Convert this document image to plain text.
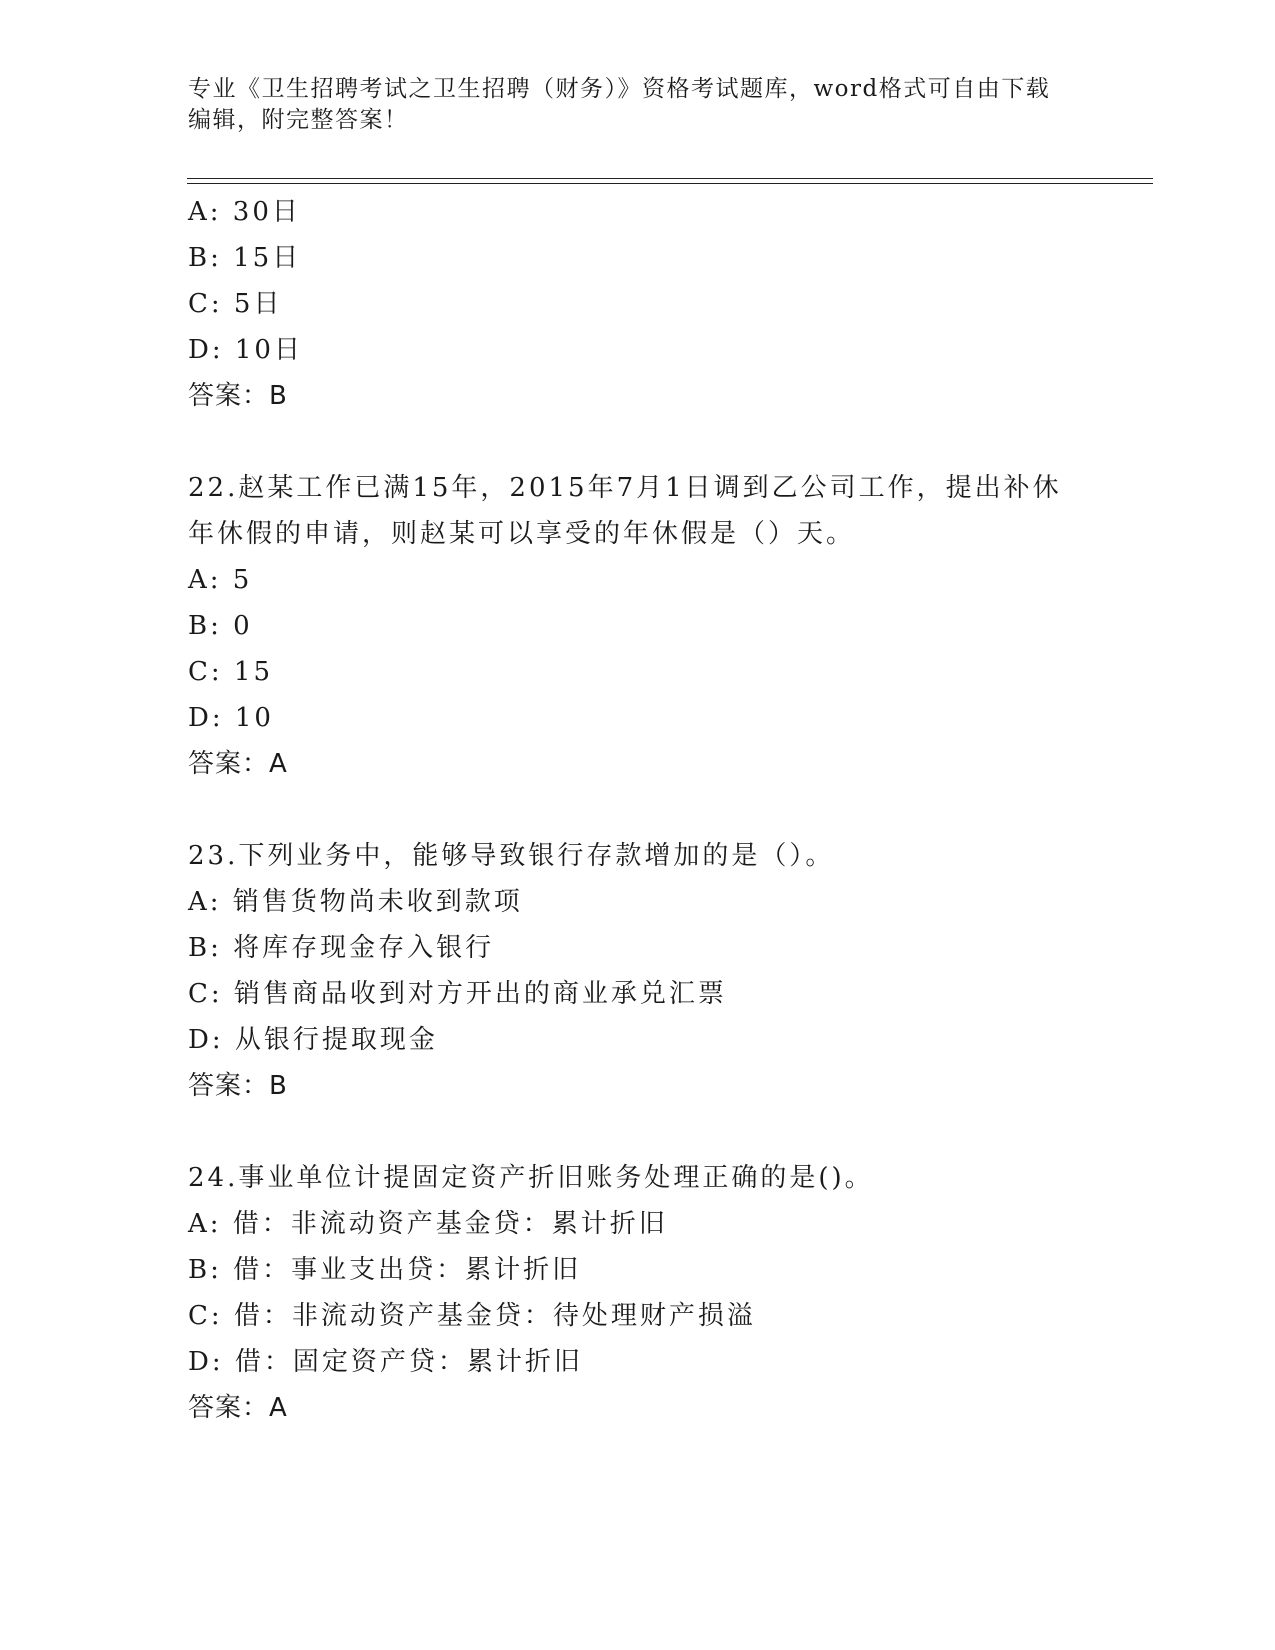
专业《卫生招聘考试之卫生招聘（财务）》资格考试题库，word格式可自由下载
编辑，附完整答案！
A: 30日
B: 15日
C: 5日
D: 10日
答案：B
22.赵某工作已满15年，2015年7月1日调到乙公司工作，提出补休
年休假的申请，则赵某可以享受的年休假是（）天。
A: 5
B: 0
C: 15
D: 10
答案：A
23.下列业务中，能够导致银行存款增加的是（）。
A: 销售货物尚未收到款项
B: 将库存现金存入银行
C: 销售商品收到对方开出的商业承兑汇票
D: 从银行提取现金
答案：B
24.事业单位计提固定资产折旧账务处理正确的是()。
A: 借：非流动资产基金贷：累计折旧
B: 借：事业支出贷：累计折旧
C: 借：非流动资产基金贷：待处理财产损溢
D: 借：固定资产贷：累计折旧
答案：A
